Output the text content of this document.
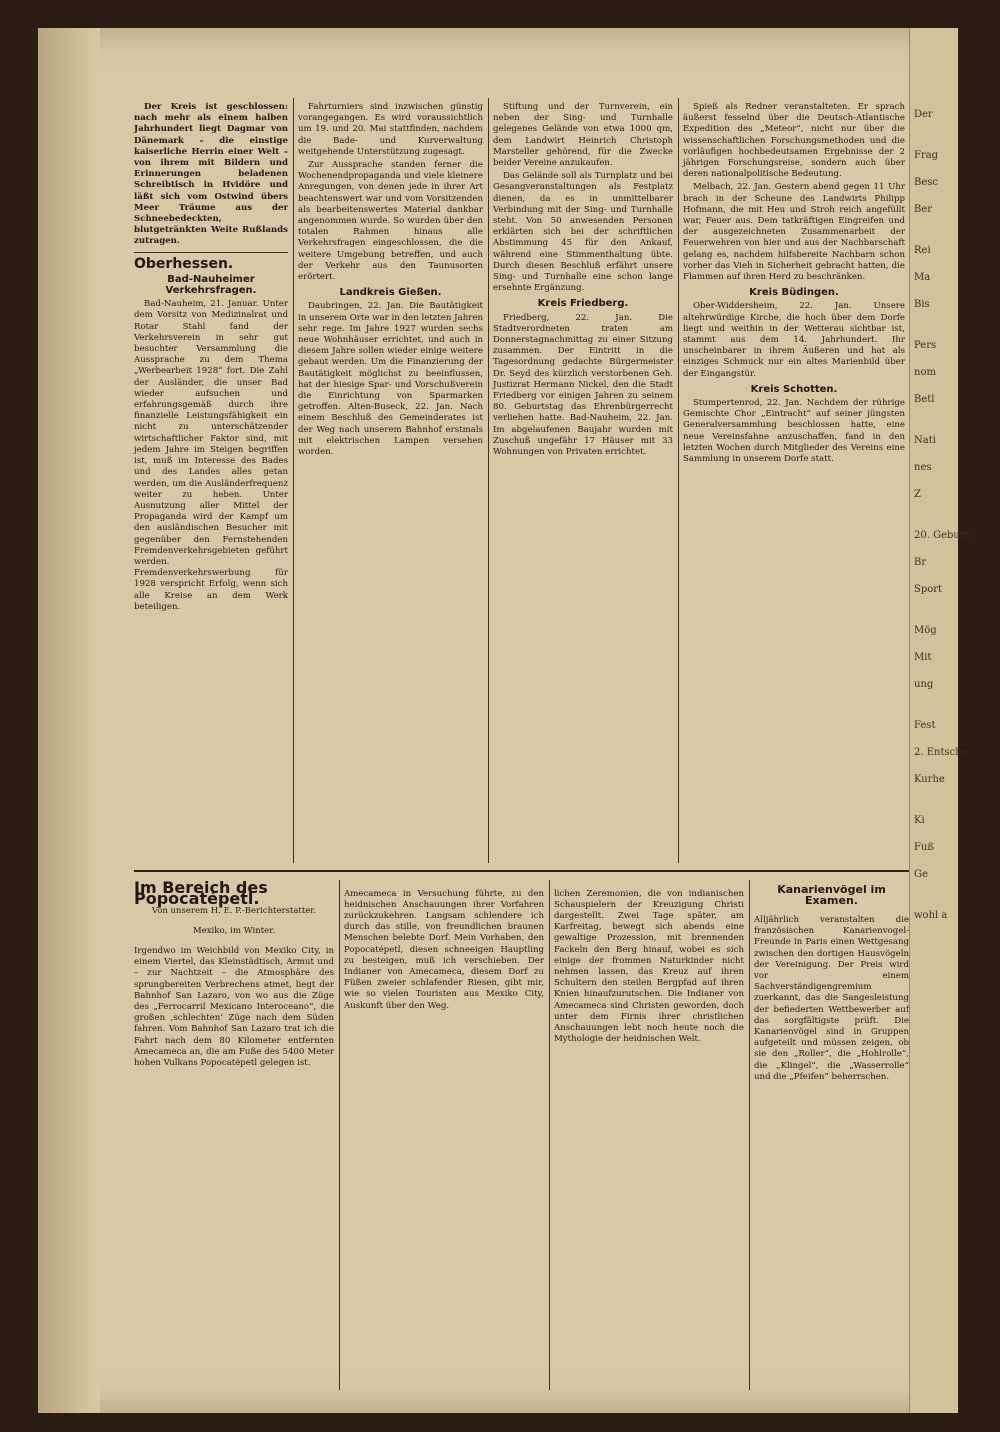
Der Kreis ist geschlossen: nach mehr als einem halben Jahrhundert liegt Dagmar von Dänemark – die einstige kaiserliche Herrin einer Welt – von ihrem mit Bildern und Erinnerungen beladenen Schreibtisch in Hvidöre und läßt sich vom Ostwind übers Meer Träume aus der Schneebedeckten, blutgetränkten Weite Rußlands zutragen.

Oberhessen.
Bad-Nauheimer Verkehrsfragen.

Bad-Nauheim, 21. Januar. Unter dem Vorsitz von Medizinalrat und Rotar Stahl fand der Verkehrsverein in sehr gut besuchter Versammlung die Aussprache zu dem Thema „Werbearbeit 1928“ fort. Die Zahl der Ausländer, die unser Bad wieder aufsuchen und erfahrungsgemäß durch ihre finanzielle Leistungsfähigkeit ein nicht zu unterschätzender wirtschaftlicher Faktor sind, mit jedem Jahre im Steigen begriffen ist, muß im Interesse des Bades und des Landes alles getan werden, um die Ausländerfrequenz weiter zu heben. Unter Ausnutzung aller Mittel der Propaganda wird der Kampf um den ausländischen Besucher mit gegenüber den Fernstehenden Fremdenverkehrsgebieten geführt werden. Fremdenverkehrswerbung für 1928 verspricht Erfolg, wenn sich alle Kreise an dem Werk beteiligen.

Fahrturniers sind inzwischen günstig vorangegangen. Es wird voraussichtlich um 19. und 20. Mai stattfinden, nachdem die Bade- und Kurverwaltung weitgehende Unterstützung zugesagt.

Zur Aussprache standen ferner die Wochenendpropaganda und viele kleinere Anregungen, von denen jede in ihrer Art beachtenswert war und vom Vorsitzenden als bearbeitenswertes Material dankbar angenommen wurde. So wurden über den totalen Rahmen hinaus alle Verkehrsfragen eingeschlossen, die die weitere Umgebung betreffen, und auch der Verkehr aus den Taunusorten erörtert.

Landkreis Gießen.

Daubringen, 22. Jan. Die Bautätigkeit in unserem Orte war in den letzten Jahren sehr rege. Im Jahre 1927 wurden sechs neue Wohnhäuser errichtet, und auch in diesem Jahre sollen wieder einige weitere gebaut werden. Um die Finanzierung der Bautätigkeit möglichst zu beeinflussen, hat der hiesige Spar- und Vorschußverein die Einrichtung von Sparmarken getroffen. Alten-Buseck, 22. Jan. Nach einem Beschluß des Gemeinderates ist der Weg nach unserem Bahnhof erstmals mit elektrischen Lampen versehen worden.

Stiftung und der Turnverein, ein neben der Sing- und Turnhalle gelegenes Gelände von etwa 1000 qm, dem Landwirt Heinrich Christoph Marsteller gehörend, für die Zwecke beider Vereine anzukaufen.

Das Gelände soll als Turnplatz und bei Gesangveranstaltungen als Festplatz dienen, da es in unmittelbarer Verbindung mit der Sing- und Turnhalle steht. Von 50 anwesenden Personen erklärten sich bei der schriftlichen Abstimmung 45 für den Ankauf, während eine Stimmenthaltung übte. Durch diesen Beschluß erfährt unsere Sing- und Turnhalle eine schon lange ersehnte Ergänzung.

Kreis Friedberg.

Friedberg, 22. Jan. Die Stadtverordneten traten am Donnerstagnachmittag zu einer Sitzung zusammen. Der Eintritt in die Tagesordnung gedachte Bürgermeister Dr. Seyd des kürzlich verstorbenen Geh. Justizrat Hermann Nickel, den die Stadt Friedberg vor einigen Jahren zu seinem 80. Geburtstag das Ehrenbürgerrecht verliehen hatte. Bad-Nauheim, 22. Jan. Im abgelaufenen Baujahr wurden mit Zuschuß ungefähr 17 Häuser mit 33 Wohnungen von Privaten errichtet.

Spieß als Redner veranstalteten. Er sprach äußerst fesselnd über die Deutsch-Atlantische Expedition des „Meteor“, nicht nur über die wissenschaftlichen Forschungsmethoden und die vorläufigen hochbedeutsamen Ergebnisse der 2 jährigen Forschungsreise, sondern auch über deren nationalpolitische Bedeutung.

Melbach, 22. Jan. Gestern abend gegen 11 Uhr brach in der Scheune des Landwirts Philipp Hofmann, die mit Heu und Stroh reich angefüllt war, Feuer aus. Dem tatkräftigen Eingreifen und der ausgezeichneten Zusammenarbeit der Feuerwehren von hier und aus der Nachbarschaft gelang es, nachdem hilfsbereite Nachbarn schon vorher das Vieh in Sicherheit gebracht hatten, die Flammen auf ihren Herd zu beschränken.

Kreis Büdingen.

Ober-Widdersheim, 22. Jan. Unsere altehrwürdige Kirche, die hoch über dem Dorfe liegt und weithin in der Wetterau sichtbar ist, stammt aus dem 14. Jahrhundert. Ihr unscheinbarer in ihrem Äußeren und hat als einziges Schmuck nur ein altes Marienbild über der Eingangstür.

Kreis Schotten.

Stumpertenrod, 22. Jan. Nachdem der rührige Gemischte Chor „Eintracht“ auf seiner jüngsten Generalversammlung beschlossen hatte, eine neue Vereinsfahne anzuschaffen, fand in den letzten Wochen durch Mitglieder des Vereins eine Sammlung in unserem Dorfe statt.

Im Bereich des Popocatépetl.
Von unserem H. E. P.-Berichterstatter.

Mexiko, im Winter.

Irgendwo im Weichbild von Mexiko City, in einem Viertel, das Kleinstädtisch, Armut und – zur Nachtzeit – die Atmosphäre des sprungbereiten Verbrechens atmet, liegt der Bahnhof San Lazaro, von wo aus die Züge des „Ferrocarril Mexicano Interoceano“, die großen ‚schlechten‘ Züge nach dem Süden fahren. Vom Bahnhof San Lazaro trat ich die Fahrt nach dem 80 Kilometer entfernten Amecameca an, die am Fuße des 5400 Meter hohen Vulkans Popocatépetl gelegen ist.

Amecameca in Versuchung führte, zu den heidnischen Anschauungen ihrer Vorfahren zurückzukehren. Langsam schlendere ich durch das stille, von freundlichen braunen Menschen belebte Dorf. Mein Vorhaben, den Popocatépetl, diesen schneeigen Hauptling zu besteigen, muß ich verschieben. Der Indianer von Amecameca, diesem Dorf zu Füßen zweier schlafender Riesen, gibt mir, wie so vielen Touristen aus Mexiko City, Auskunft über den Weg.

lichen Zeremonien, die von indianischen Schauspielern der Kreuzigung Christi dargestellt. Zwei Tage später, am Karfreitag, bewegt sich abends eine gewaltige Prozession, mit brennenden Fackeln den Berg hinauf, wobei es sich einige der frommen Naturkinder nicht nehmen lassen, das Kreuz auf ihren Schultern den steilen Bergpfad auf ihren Knien hinaufzurutschen. Die Indianer von Amecameca sind Christen geworden, doch unter dem Firnis ihrer christlichen Anschauungen lebt noch heute noch die Mythologie der heidnischen Welt.

Kanarienvögel im Examen.

Alljährlich veranstalten die französischen Kanarienvogel-Freunde in Paris einen Wettgesang zwischen den dortigen Hausvögeln der Vereinigung. Der Preis wird vor einem Sachverständigengremium zuerkannt, das die Sangesleistung der befiederten Wettbewerber auf das sorgfältigste prüft. Die Kanarienvögel sind in Gruppen aufgeteilt und müssen zeigen, ob sie den „Roller“, die „Hohlrolle“, die „Klingel“, die „Wasserrolle“ und die „Pfeifen“ beherrschen.

Der
Frag
Besc
Ber
Rei
Ma
Bis
Pers
nom
Betl
Nati
nes
Z
20. Geburt
Br
Sport
Mög
Mit
ung
Fest
2. Entsche
Kurhe
Ki
Fuß
Ge
wohl a
